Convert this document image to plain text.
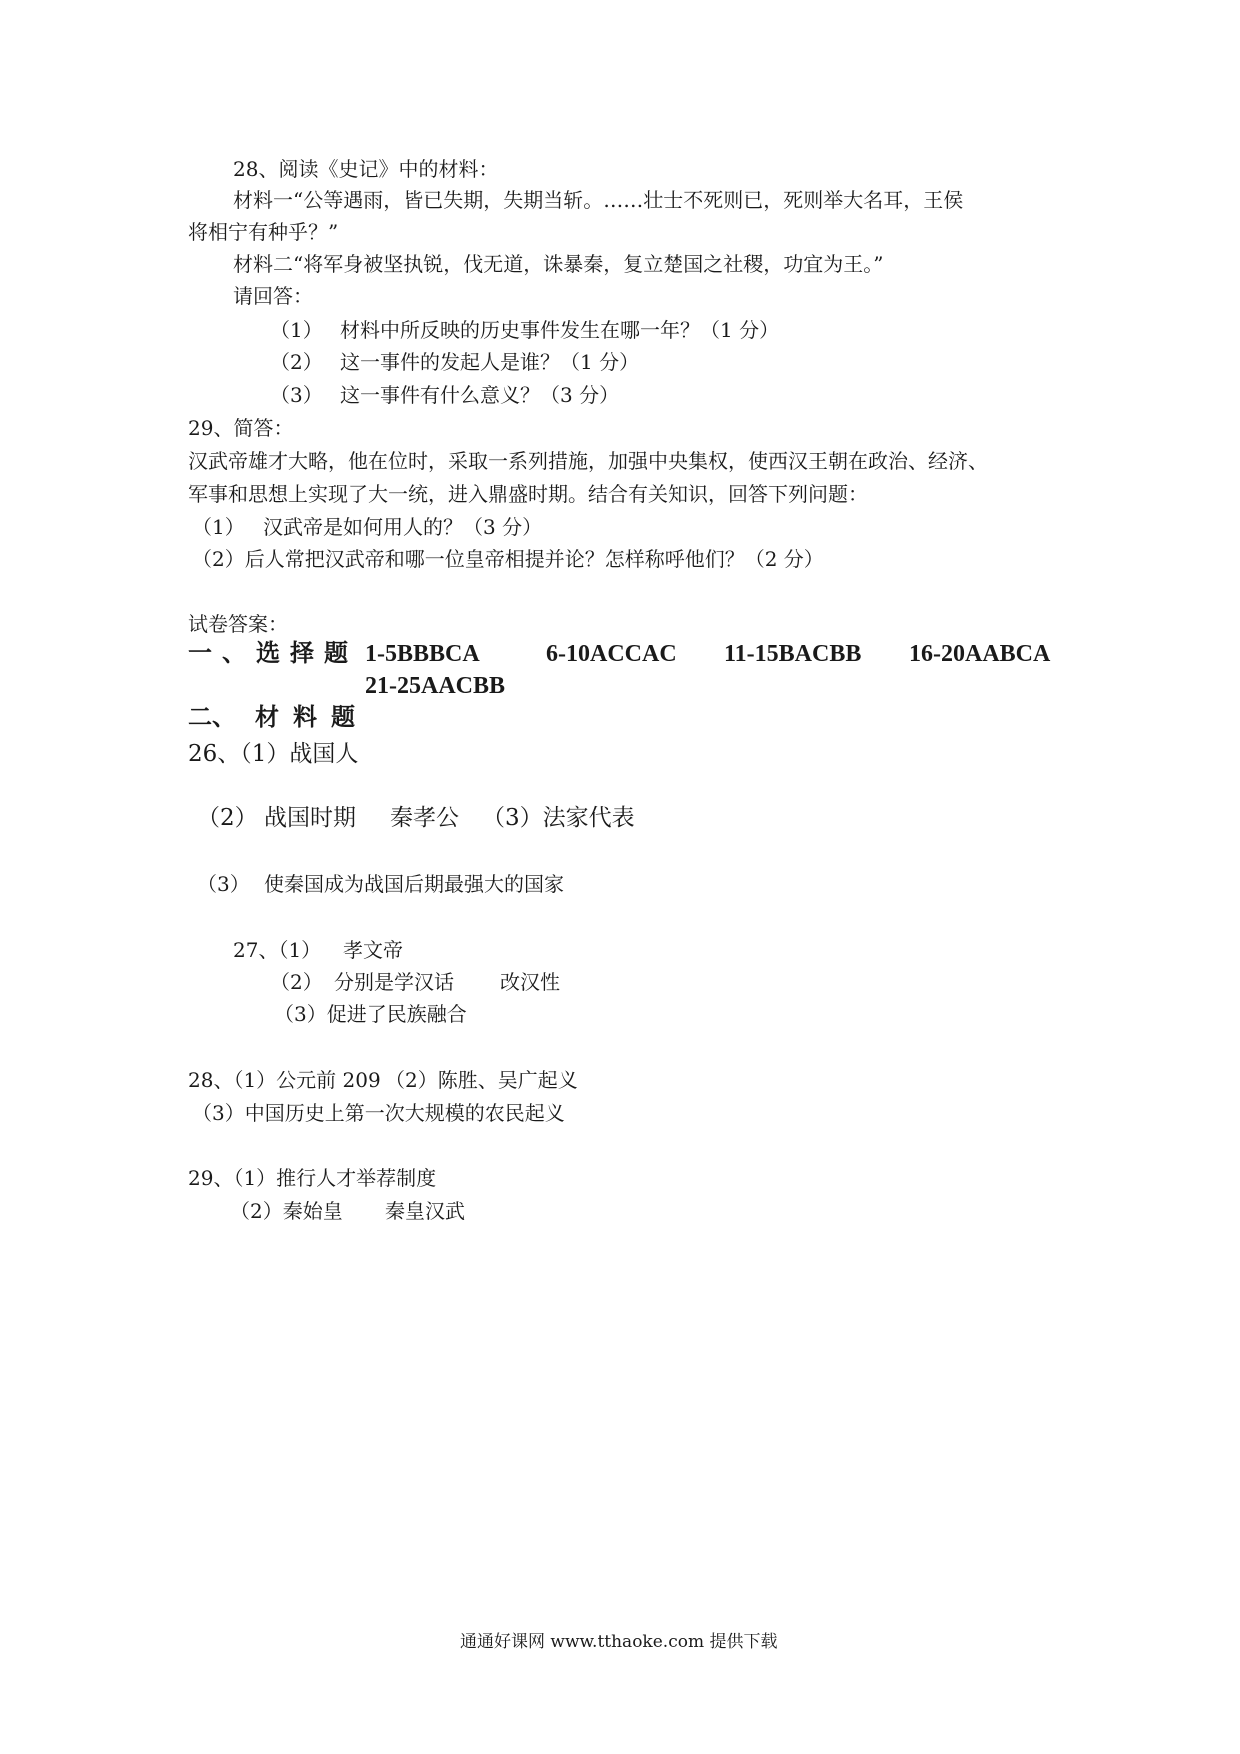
28、阅读《史记》中的材料：
材料一“公等遇雨，皆已失期，失期当斩。……壮士不死则已，死则举大名耳，王侯
将相宁有种乎？”
材料二“将军身被坚执锐，伐无道，诛暴秦，复立楚国之社稷，功宜为王。”
请回答：
（1） 材料中所反映的历史事件发生在哪一年？（1 分）
（2） 这一事件的发起人是谁？（1 分）
（3） 这一事件有什么意义？（3 分）
29、简答：
汉武帝雄才大略，他在位时，采取一系列措施，加强中央集权，使西汉王朝在政治、经济、
军事和思想上实现了大一统，进入鼎盛时期。结合有关知识，回答下列问题：
（1） 汉武帝是如何用人的？（3 分）
（2）后人常把汉武帝和哪一位皇帝相提并论？怎样称呼他们？（2 分）
试卷答案：
一 、 选 择 题 1-5BBBCA	6-10ACCAC 11-15BACBB 16-20AABCA
21-25AACBB
二、 材 料 题
26、（1）战国人
（2） 战国时期 秦孝公 （3）法家代表
（3） 使秦国成为战国后期最强大的国家
27、（1） 孝文帝
（2） 分别是学汉话 改汉性
（3）促进了民族融合
28、（1）公元前 209 （2）陈胜、吴广起义
（3）中国历史上第一次大规模的农民起义
29、（1）推行人才举荐制度
（2）秦始皇 秦皇汉武
通通好课网 www.tthaoke.com 提供下载
